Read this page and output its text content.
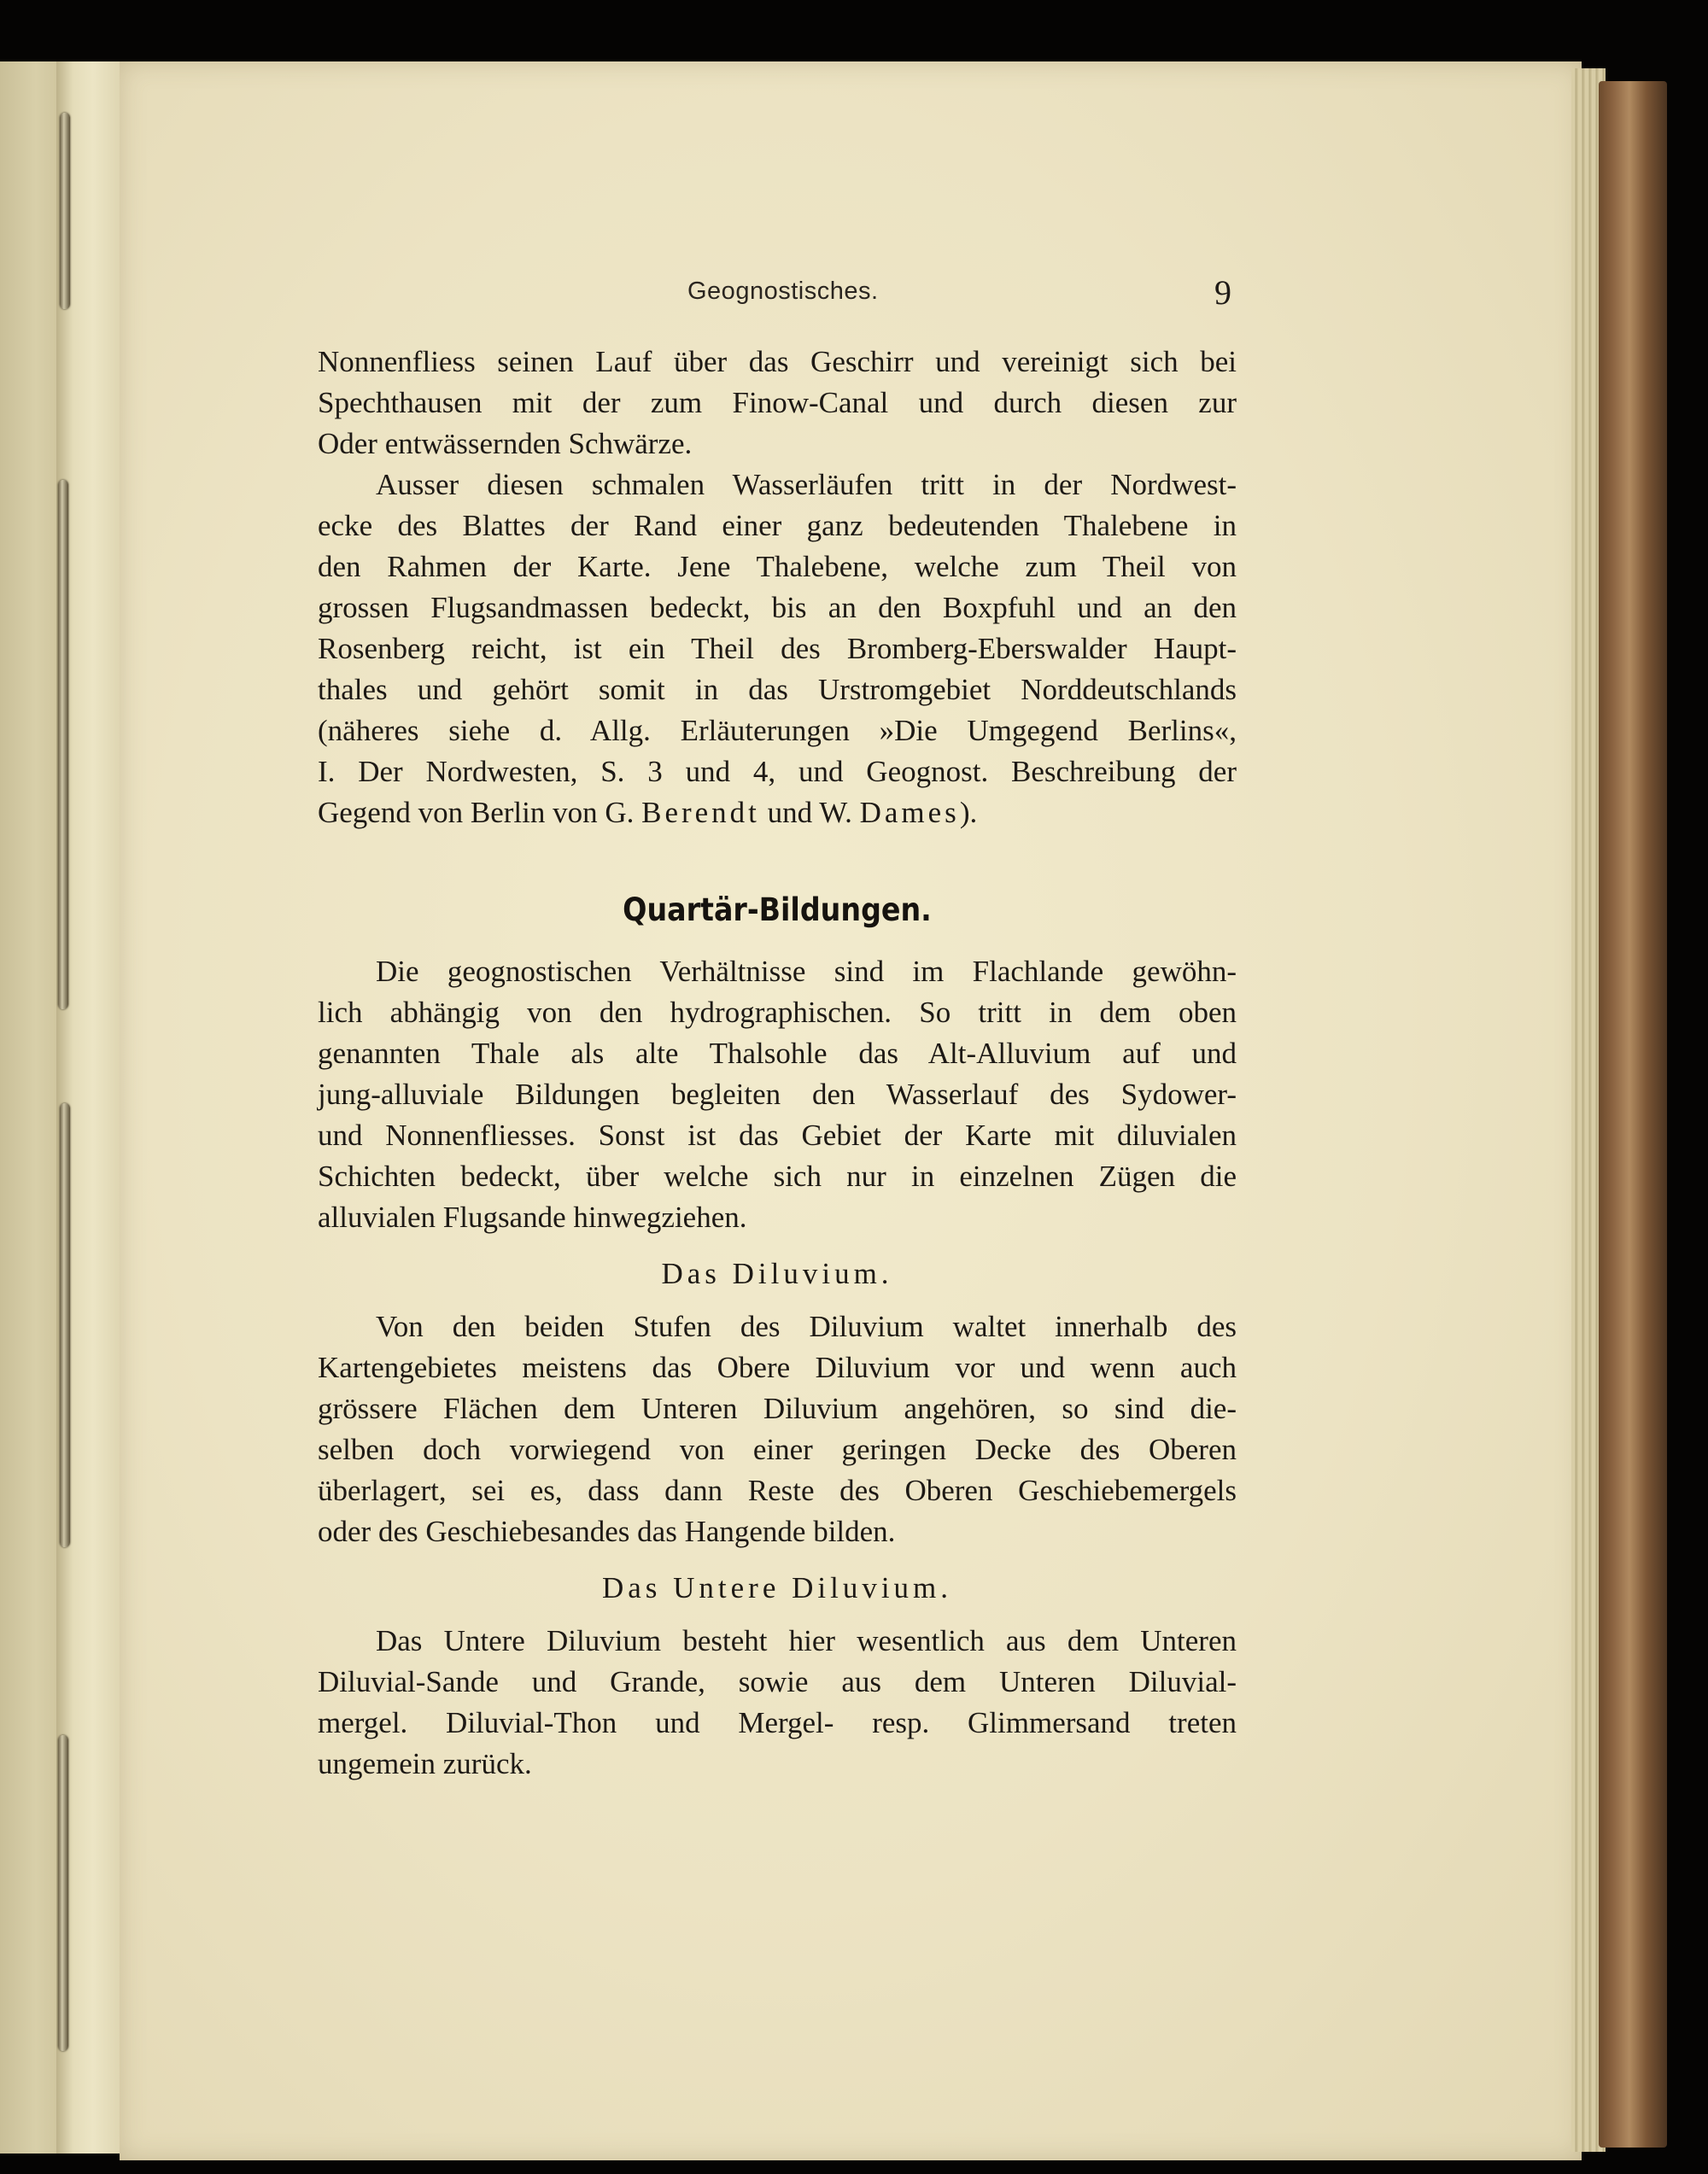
Geognostisches.	9
Nonnenfliess seinen Lauf über das Geschirr und vereinigt sich bei
Spechthausen mit der zum Finow-Canal und durch diesen zur
Oder entwässernden Schwärze.
Ausser diesen schmalen Wasserläufen tritt in der Nordwest-
ecke des Blattes der Rand einer ganz bedeutenden Thalebene in
den Rahmen der Karte. Jene Thalebene, welche zum Theil von
grossen Flugsandmassen bedeckt, bis an den Boxpfuhl und an den
Rosenberg reicht, ist ein Theil des Bromberg-Eberswalder Haupt-
thales und gehört somit in das Urstromgebiet Norddeutschlands
(näheres siehe d. Allg. Erläuterungen »Die Umgegend Berlins«,
I. Der Nordwesten, S. 3 und 4, und Geognost. Beschreibung der
Gegend von Berlin von G. Berendt und W. Dames).
Quartär-Bildungen.
Die geognostischen Verhältnisse sind im Flachlande gewöhn-
lich abhängig von den hydrographischen. So tritt in dem oben
genannten Thale als alte Thalsohle das Alt-Alluvium auf und
jung-alluviale Bildungen begleiten den Wasserlauf des Sydower-
und Nonnenfliesses. Sonst ist das Gebiet der Karte mit diluvialen
Schichten bedeckt, über welche sich nur in einzelnen Zügen die
alluvialen Flugsande hinwegziehen.
Das Diluvium.
Von den beiden Stufen des Diluvium waltet innerhalb des
Kartengebietes meistens das Obere Diluvium vor und wenn auch
grössere Flächen dem Unteren Diluvium angehören, so sind die-
selben doch vorwiegend von einer geringen Decke des Oberen
überlagert, sei es, dass dann Reste des Oberen Geschiebemergels
oder des Geschiebesandes das Hangende bilden.
Das Untere Diluvium.
Das Untere Diluvium besteht hier wesentlich aus dem Unteren
Diluvial-Sande und Grande, sowie aus dem Unteren Diluvial-
mergel. Diluvial-Thon und Mergel- resp. Glimmersand treten
ungemein zurück.
